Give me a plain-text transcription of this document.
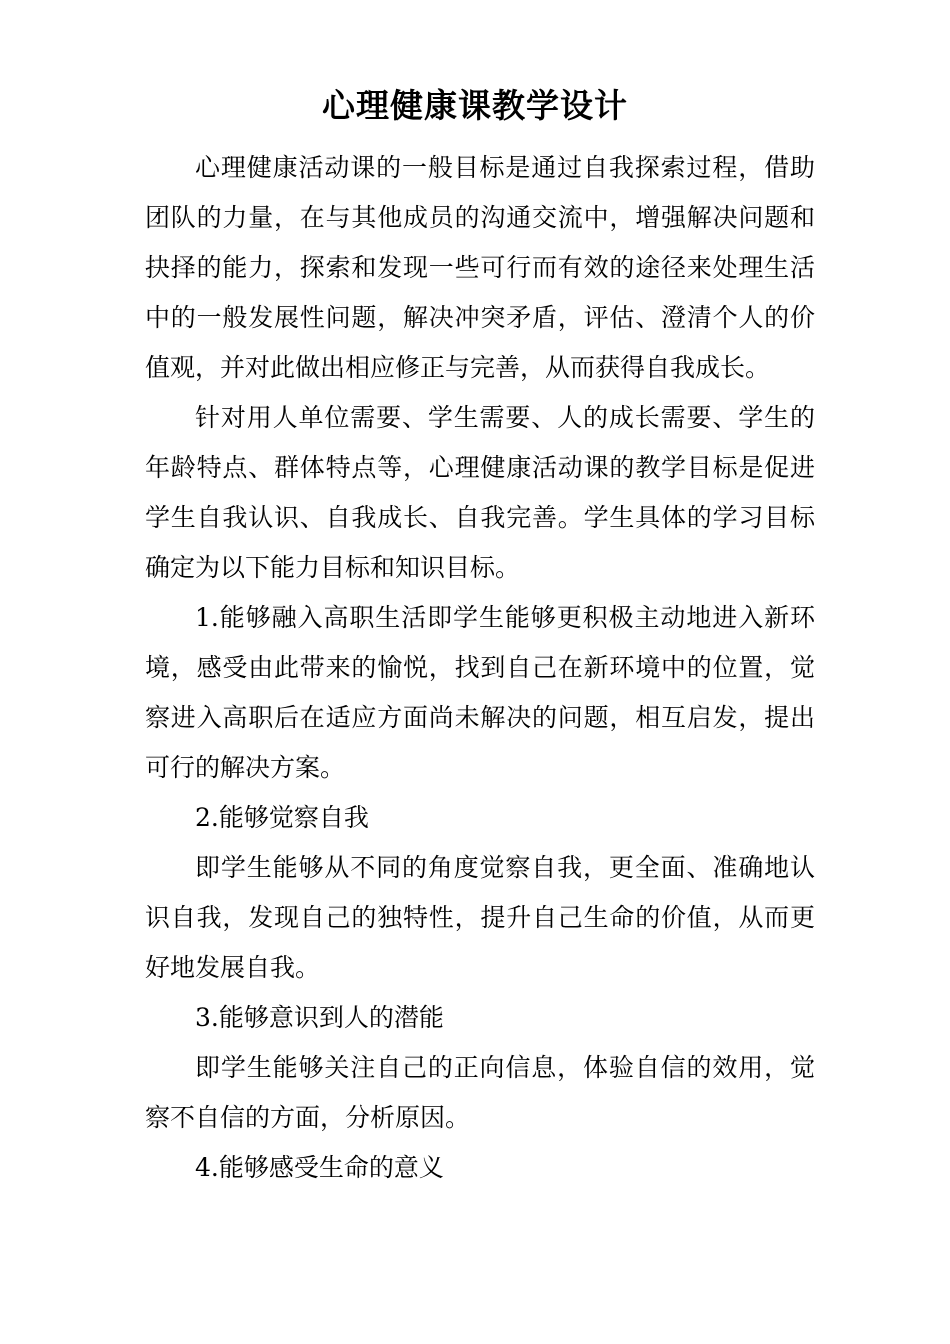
心理健康课教学设计

心理健康活动课的一般目标是通过自我探索过程，借助团队的力量，在与其他成员的沟通交流中，增强解决问题和抉择的能力，探索和发现一些可行而有效的途径来处理生活中的一般发展性问题，解决冲突矛盾，评估、澄清个人的价值观，并对此做出相应修正与完善，从而获得自我成长。

针对用人单位需要、学生需要、人的成长需要、学生的年龄特点、群体特点等，心理健康活动课的教学目标是促进学生自我认识、自我成长、自我完善。学生具体的学习目标确定为以下能力目标和知识目标。

1.能够融入高职生活即学生能够更积极主动地进入新环境，感受由此带来的愉悦，找到自己在新环境中的位置，觉察进入高职后在适应方面尚未解决的问题，相互启发，提出可行的解决方案。

2.能够觉察自我

即学生能够从不同的角度觉察自我，更全面、准确地认识自我，发现自己的独特性，提升自己生命的价值，从而更好地发展自我。

3.能够意识到人的潜能

即学生能够关注自己的正向信息，体验自信的效用，觉察不自信的方面，分析原因。

4.能够感受生命的意义
